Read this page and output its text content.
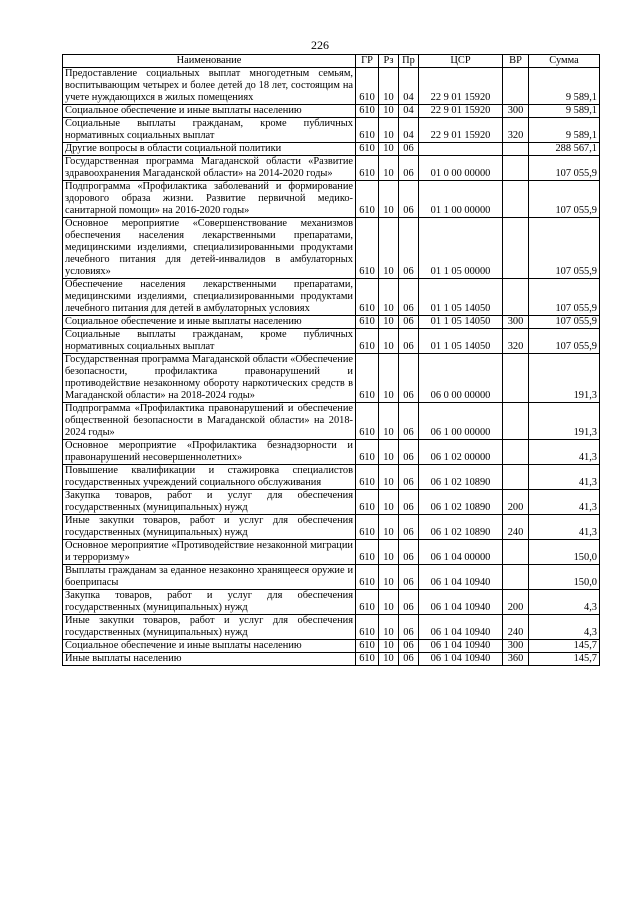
226
Наименование	ГР	Рз	Пр	ЦСР	ВР	Сумма
Предоставление социальных выплат многодетным семьям, воспитывающим четырех и более детей до 18 лет, состоящим на учете нуждающихся в жилых помещениях	610	10	04	22 9 01 15920		9 589,1
Социальное обеспечение и иные выплаты населению	610	10	04	22 9 01 15920	300	9 589,1
Социальные выплаты гражданам, кроме публичных нормативных социальных выплат	610	10	04	22 9 01 15920	320	9 589,1
Другие вопросы в области социальной политики	610	10	06			288 567,1
Государственная программа Магаданской области «Развитие здравоохранения Магаданской области» на 2014-2020 годы»	610	10	06	01 0 00 00000		107 055,9
Подпрограмма «Профилактика заболеваний и формирование здорового образа жизни. Развитие первичной медико-санитарной помощи» на 2016-2020 годы»	610	10	06	01 1 00 00000		107 055,9
Основное мероприятие «Совершенствование механизмов обеспечения населения лекарственными препаратами, медицинскими изделиями, специализированными продуктами лечебного питания для детей-инвалидов в амбулаторных условиях»	610	10	06	01 1 05 00000		107 055,9
Обеспечение населения лекарственными препаратами, медицинскими изделиями, специализированными продуктами лечебного питания для детей в амбулаторных условиях	610	10	06	01 1 05 14050		107 055,9
Социальное обеспечение и иные выплаты населению	610	10	06	01 1 05 14050	300	107 055,9
Социальные выплаты гражданам, кроме публичных нормативных социальных выплат	610	10	06	01 1 05 14050	320	107 055,9
Государственная программа Магаданской области «Обеспечение безопасности, профилактика правонарушений и противодействие незаконному обороту наркотических средств в Магаданской области» на 2018-2024 годы»	610	10	06	06 0 00 00000		191,3
Подпрограмма «Профилактика правонарушений и обеспечение общественной безопасности в Магаданской области» на 2018-2024 годы»	610	10	06	06 1 00 00000		191,3
Основное мероприятие «Профилактика безнадзорности и правонарушений несовершеннолетних»	610	10	06	06 1 02 00000		41,3
Повышение квалификации и стажировка специалистов государственных учреждений социального обслуживания	610	10	06	06 1 02 10890		41,3
Закупка товаров, работ и услуг для обеспечения государственных (муниципальных) нужд	610	10	06	06 1 02 10890	200	41,3
Иные закупки товаров, работ и услуг для обеспечения государственных (муниципальных) нужд	610	10	06	06 1 02 10890	240	41,3
Основное мероприятие «Противодействие незаконной миграции и терроризму»	610	10	06	06 1 04 00000		150,0
Выплаты гражданам за еданное незаконно хранящееся оружие и боеприпасы	610	10	06	06 1 04 10940		150,0
Закупка товаров, работ и услуг для обеспечения государственных (муниципальных) нужд	610	10	06	06 1 04 10940	200	4,3
Иные закупки товаров, работ и услуг для обеспечения государственных (муниципальных) нужд	610	10	06	06 1 04 10940	240	4,3
Социальное обеспечение и иные выплаты населению	610	10	06	06 1 04 10940	300	145,7
Иные выплаты населению	610	10	06	06 1 04 10940	360	145,7
